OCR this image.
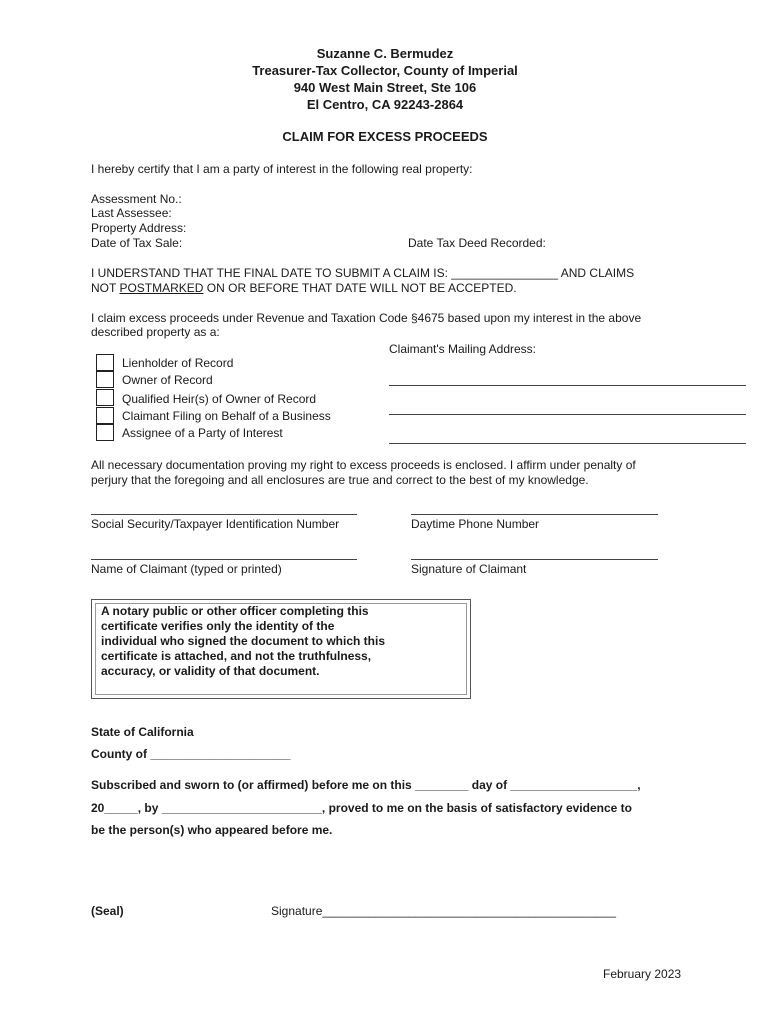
Suzanne C. Bermudez
Treasurer-Tax Collector, County of Imperial
940 West Main Street, Ste 106
El Centro, CA 92243-2864
CLAIM FOR EXCESS PROCEEDS
I hereby certify that I am a party of interest in the following real property:
Assessment No.:
Last Assessee:
Property Address:
Date of Tax Sale:	Date Tax Deed Recorded:
I UNDERSTAND THAT THE FINAL DATE TO SUBMIT A CLAIM IS: ________________ AND CLAIMS
NOT POSTMARKED ON OR BEFORE THAT DATE WILL NOT BE ACCEPTED.
I claim excess proceeds under Revenue and Taxation Code §4675 based upon my interest in the above
described property as a:
Claimant's Mailing Address:
Lienholder of Record
Owner of Record
Qualified Heir(s) of Owner of Record
Claimant Filing on Behalf of a Business
Assignee of a Party of Interest
All necessary documentation proving my right to excess proceeds is enclosed. I affirm under penalty of
perjury that the foregoing and all enclosures are true and correct to the best of my knowledge.
Social Security/Taxpayer Identification Number	Daytime Phone Number
Name of Claimant (typed or printed)	Signature of Claimant
A notary public or other officer completing this
certificate verifies only the identity of the
individual who signed the document to which this
certificate is attached, and not the truthfulness,
accuracy, or validity of that document.
State of California
County of _____________________
Subscribed and sworn to (or affirmed) before me on this ________ day of ___________________,
20_____, by ________________________, proved to me on the basis of satisfactory evidence to
be the person(s) who appeared before me.
(Seal)	Signature____________________________________________
February 2023
